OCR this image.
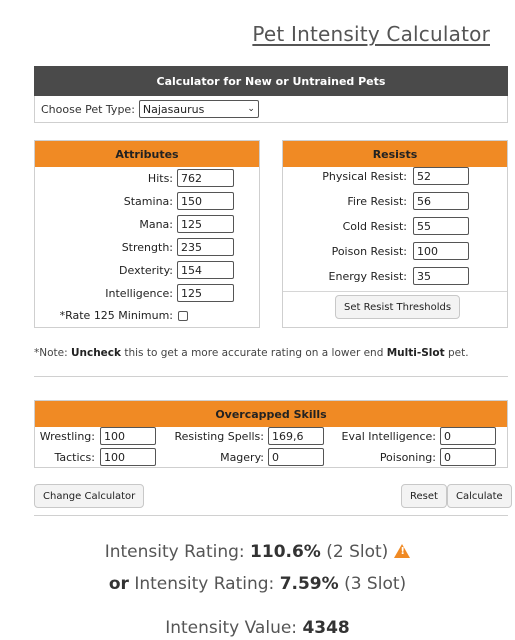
Pet Intensity Calculator
Calculator for New or Untrained Pets
Choose Pet Type: Najasaurus	⌄
Attributes
Hits: 762
Stamina: 150
Mana: 125
Strength: 235
Dexterity: 154
Intelligence: 125
*Rate 125 Minimum:
Resists
Physical Resist: 52
Fire Resist: 56
Cold Resist: 55
Poison Resist: 100
Energy Resist: 35
Set Resist Thresholds
*Note: Uncheck this to get a more accurate rating on a lower end Multi-Slot pet.
Overcapped Skills
Wrestling: 100	Resisting Spells: 169,6	Eval Intelligence: 0
Tactics: 100	Magery: 0	Poisoning: 0
Change Calculator	Reset	Calculate
Intensity Rating: 110.6% (2 Slot)!
or Intensity Rating: 7.59% (3 Slot)
Intensity Value: 4348
